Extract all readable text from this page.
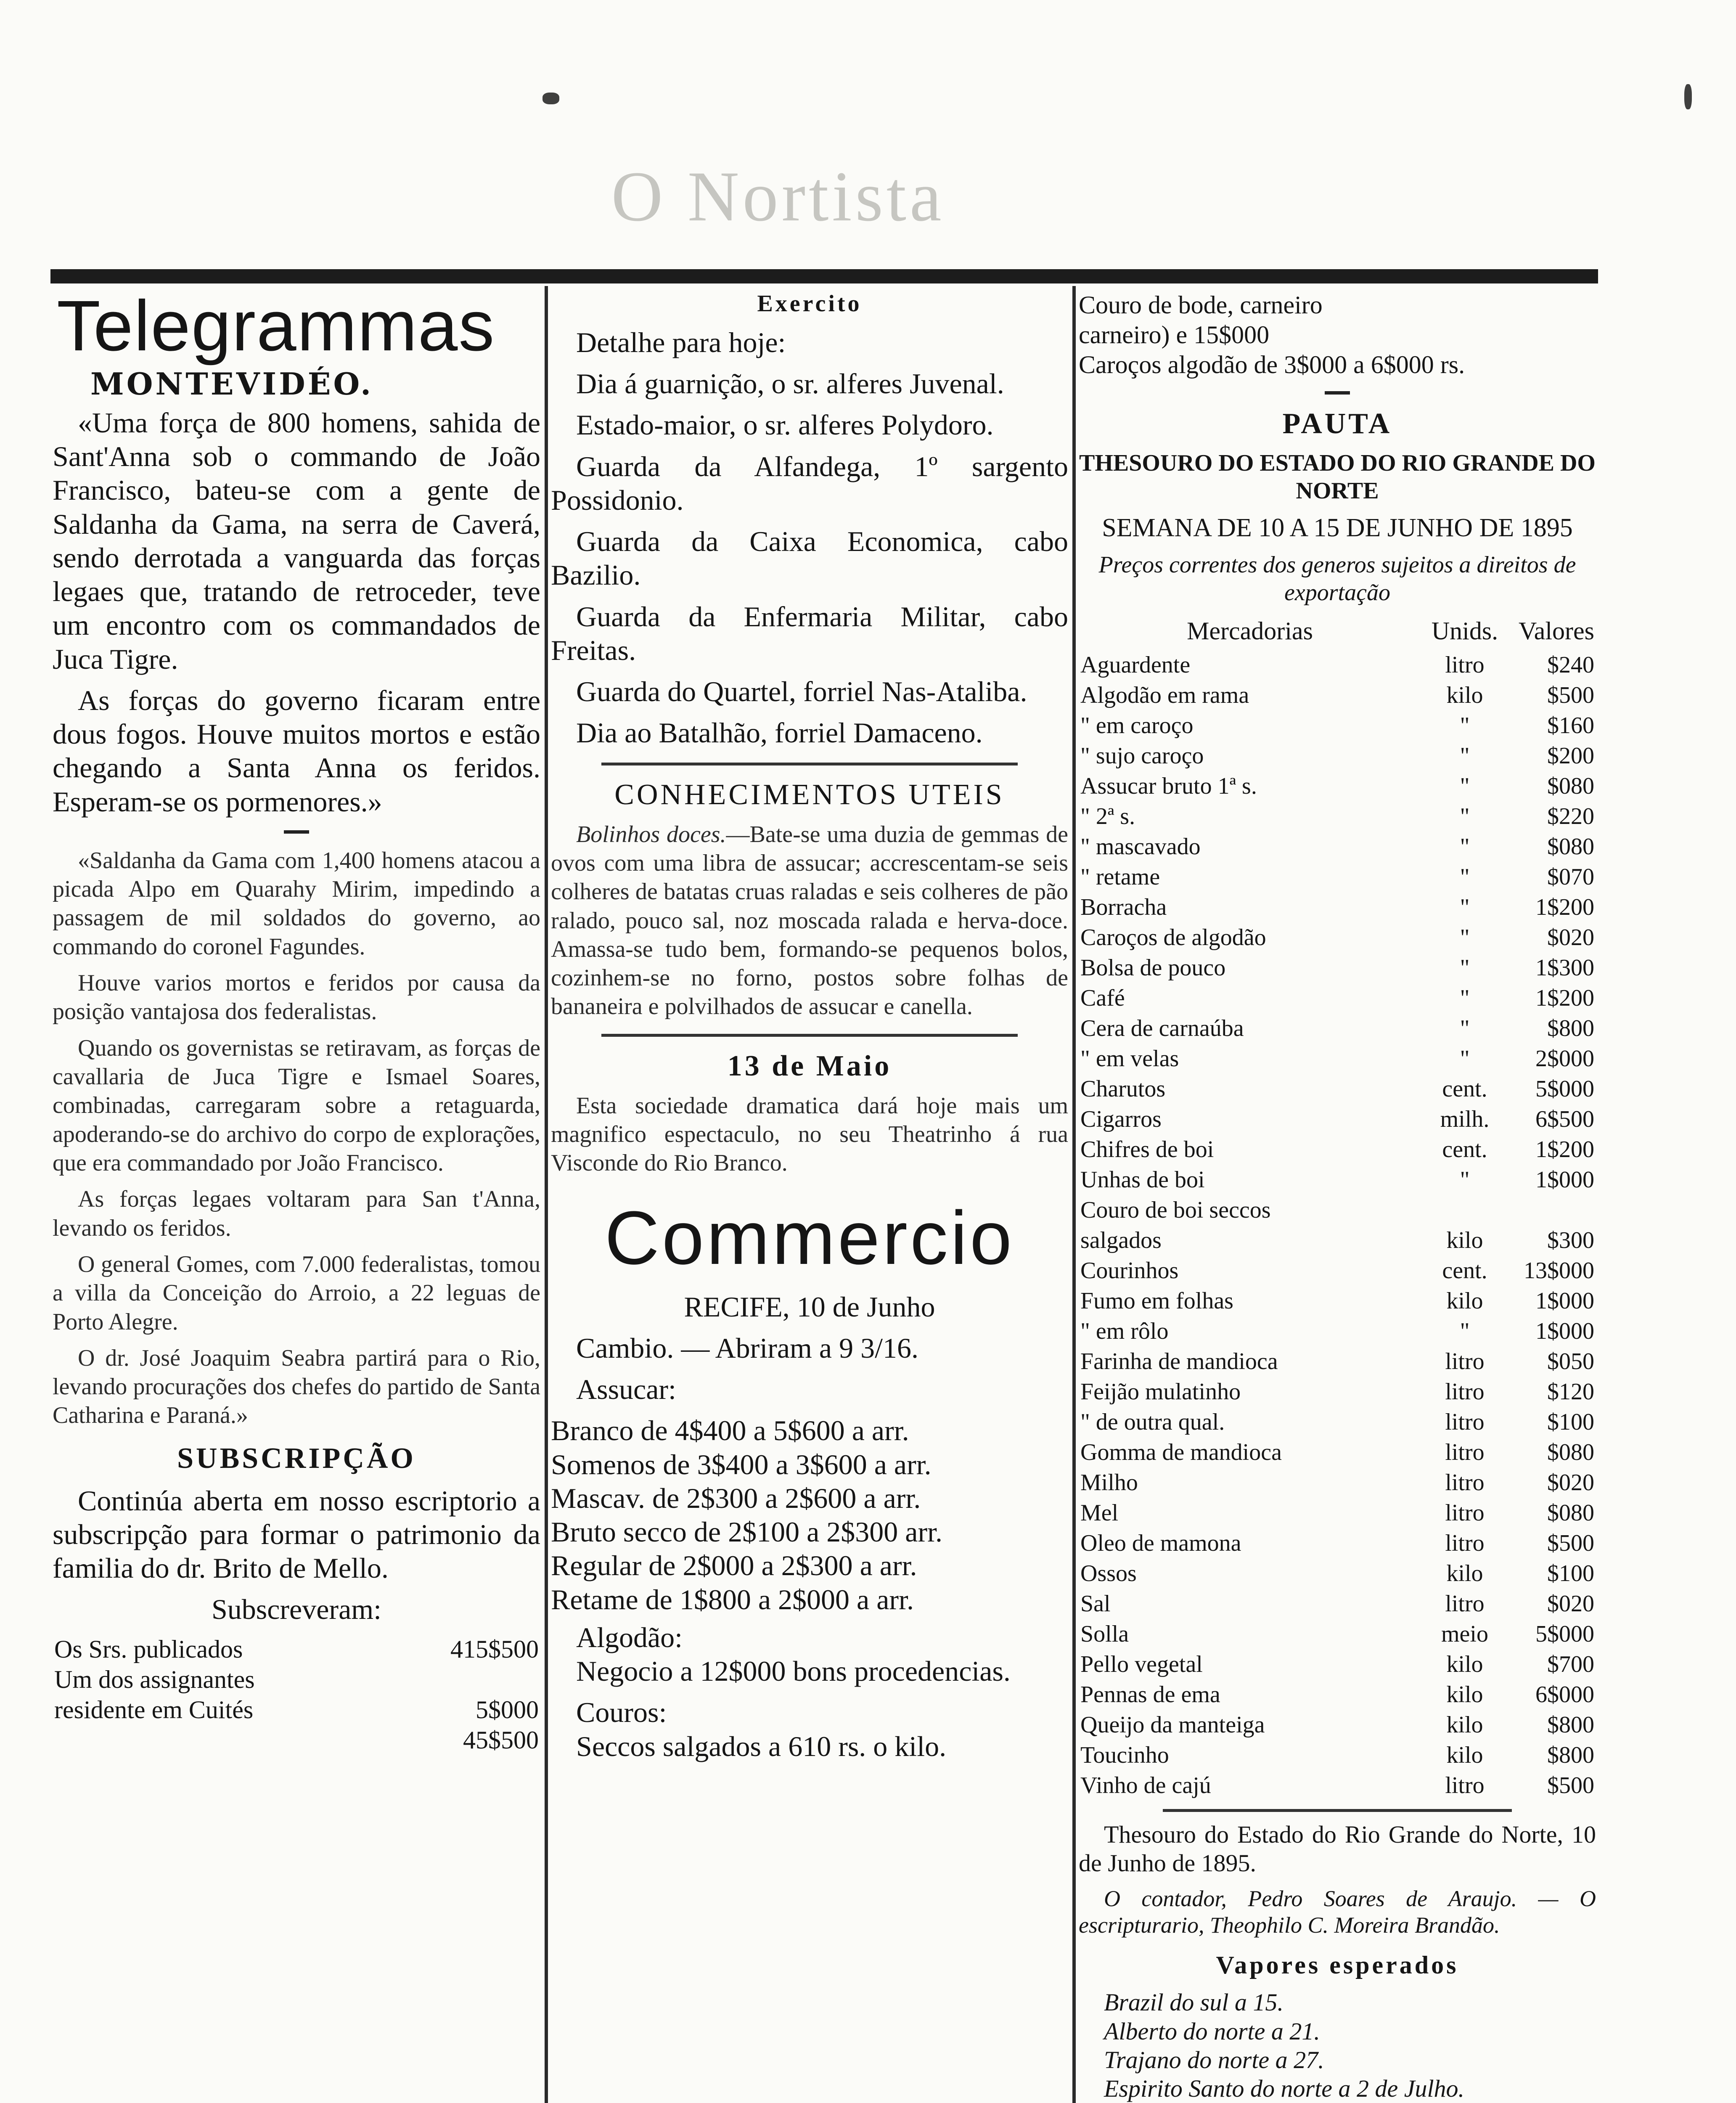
O Nortista
Telegrammas
MONTEVIDÉO.

«Uma força de 800 homens, sahida de Sant'Anna sob o commando de João Francisco, bateu-se com a gente de Saldanha da Gama, na serra de Caverá, sendo derrotada a vanguarda das forças legaes que, tratando de retroceder, teve um encontro com os commandados de Juca Tigre.

As forças do governo ficaram entre dous fogos. Houve muitos mortos e estão chegando a Santa Anna os feridos. Esperam-se os pormenores.»

«Saldanha da Gama com 1,400 homens atacou a picada Alpo em Quarahy Mirim, impedindo a passagem de mil soldados do governo, ao commando do coronel Fagundes.

Houve varios mortos e feridos por causa da posição vantajosa dos federalistas.

Quando os governistas se retiravam, as forças de cavallaria de Juca Tigre e Ismael Soares, combinadas, carregaram sobre a retaguarda, apoderando-se do archivo do corpo de explorações, que era commandado por João Francisco.

As forças legaes voltaram para San t'Anna, levando os feridos.

O general Gomes, com 7.000 federalistas, tomou a villa da Conceição do Arroio, a 22 leguas de Porto Alegre.

O dr. José Joaquim Seabra partirá para o Rio, levando procurações dos chefes do partido de Santa Catharina e Paraná.»

SUBSCRIPÇÃO

Continúa aberta em nosso escriptorio a subscripção para formar o patrimonio da familia do dr. Brito de Mello.

Subscreveram:

Os Srs. publicados	415$500
Um dos assignantes	
residente em Cuités	5$000
	45$500
Exercito

Detalhe para hoje:

Dia á guarnição, o sr. alferes Juvenal.

Estado-maior, o sr. alferes Polydoro.

Guarda da Alfandega, 1º sargento Possidonio.

Guarda da Caixa Economica, cabo Bazilio.

Guarda da Enfermaria Militar, cabo Freitas.

Guarda do Quartel, forriel Nas-Ataliba.

Dia ao Batalhão, forriel Damaceno.

CONHECIMENTOS UTEIS

Bolinhos doces.—Bate-se uma duzia de gemmas de ovos com uma libra de assucar; accrescentam-se seis colheres de batatas cruas raladas e seis colheres de pão ralado, pouco sal, noz moscada ralada e herva-doce. Amassa-se tudo bem, formando-se pequenos bolos, cozinhem-se no forno, postos sobre folhas de bananeira e polvilhados de assucar e canella.

13 de Maio

Esta sociedade dramatica dará hoje mais um magnifico espectaculo, no seu Theatrinho á rua Visconde do Rio Branco.

Commercio

RECIFE, 10 de Junho

Cambio. — Abriram a 9 3/16.

Assucar:

Branco de 4$400 a 5$600 a arr.

Somenos de 3$400 a 3$600 a arr.

Mascav. de 2$300 a 2$600 a arr.

Bruto secco de 2$100 a 2$300 arr.

Regular de 2$000 a 2$300 a arr.

Retame de 1$800 a 2$000 a arr.

Algodão:

Negocio a 12$000 bons procedencias.

Couros:

Seccos salgados a 610 rs. o kilo.

Couro de bode, carneiro

carneiro) e 15$000

Caroços algodão de 3$000 a 6$000 rs.

PAUTA

THESOURO DO ESTADO DO RIO GRANDE DO NORTE

SEMANA DE 10 A 15 DE JUNHO DE 1895

Preços correntes dos generos sujeitos a direitos de exportação

Mercadorias	Unids.	Valores
Aguardente	litro	$240
Algodão em rama	kilo	$500
" em caroço	"	$160
" sujo caroço	"	$200
Assucar bruto 1ª s.	"	$080
" 2ª s.	"	$220
" mascavado	"	$080
" retame	"	$070
Borracha	"	1$200
Caroços de algodão	"	$020
Bolsa de pouco	"	1$300
Café	"	1$200
Cera de carnaúba	"	$800
" em velas	"	2$000
Charutos	cent.	5$000
Cigarros	milh.	6$500
Chifres de boi	cent.	1$200
Unhas de boi	"	1$000
Couro de boi seccos		
salgados	kilo	$300
Courinhos	cent.	13$000
Fumo em folhas	kilo	1$000
" em rôlo	"	1$000
Farinha de mandioca	litro	$050
Feijão mulatinho	litro	$120
" de outra qual.	litro	$100
Gomma de mandioca	litro	$080
Milho	litro	$020
Mel	litro	$080
Oleo de mamona	litro	$500
Ossos	kilo	$100
Sal	litro	$020
Solla	meio	5$000
Pello vegetal	kilo	$700
Pennas de ema	kilo	6$000
Queijo da manteiga	kilo	$800
Toucinho	kilo	$800
Vinho de cajú	litro	$500

Thesouro do Estado do Rio Grande do Norte, 10 de Junho de 1895.

O contador, Pedro Soares de Araujo. — O escripturario, Theophilo C. Moreira Brandão.

Vapores esperados

Brazil do sul a 15.

Alberto do norte a 21.

Trajano do norte a 27.

Espirito Santo do norte a 2 de Julho.
